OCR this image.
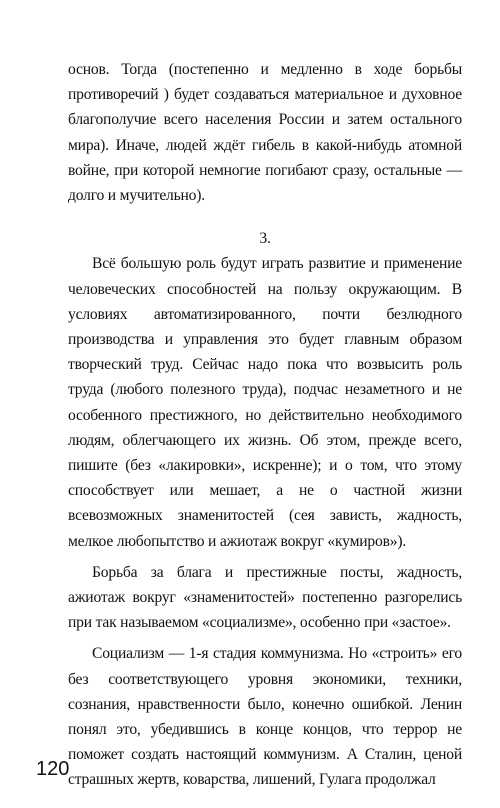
основ. Тогда (постепенно и медленно в ходе борьбы противоречий ) будет создаваться материальное и духовное благополучие всего населения России и затем остального мира). Иначе, людей ждёт гибель в какой-нибудь атомной войне, при которой немногие погибают сразу, остальные — долго и мучительно).

3.

Всё большую роль будут играть развитие и применение человеческих способностей на пользу окружающим. В условиях автоматизированного, почти безлюдного производства и управления это будет главным образом творческий труд. Сейчас надо пока что возвысить роль труда (любого полезного труда), подчас незаметного и не особенного престижного, но действительно необходимого людям, облегчающего их жизнь. Об этом, прежде всего, пишите (без «лакировки», искренне); и о том, что этому способствует или мешает, а не о частной жизни всевозможных знаменитостей (сея зависть, жадность, мелкое любопытство и ажиотаж вокруг «кумиров»).

Борьба за блага и престижные посты, жадность, ажиотаж вокруг «знаменитостей» постепенно разгорелись при так называемом «социализме», особенно при «застое».

Социализм — 1-я стадия коммунизма. Но «строить» его без соответствующего уровня экономики, техники, сознания, нравственности было, конечно ошибкой. Ленин понял это, убедившись в конце концов, что террор не поможет создать настоящий коммунизм. А Сталин, ценой страшных жертв, коварства, лишений, Гулага продолжал

120
